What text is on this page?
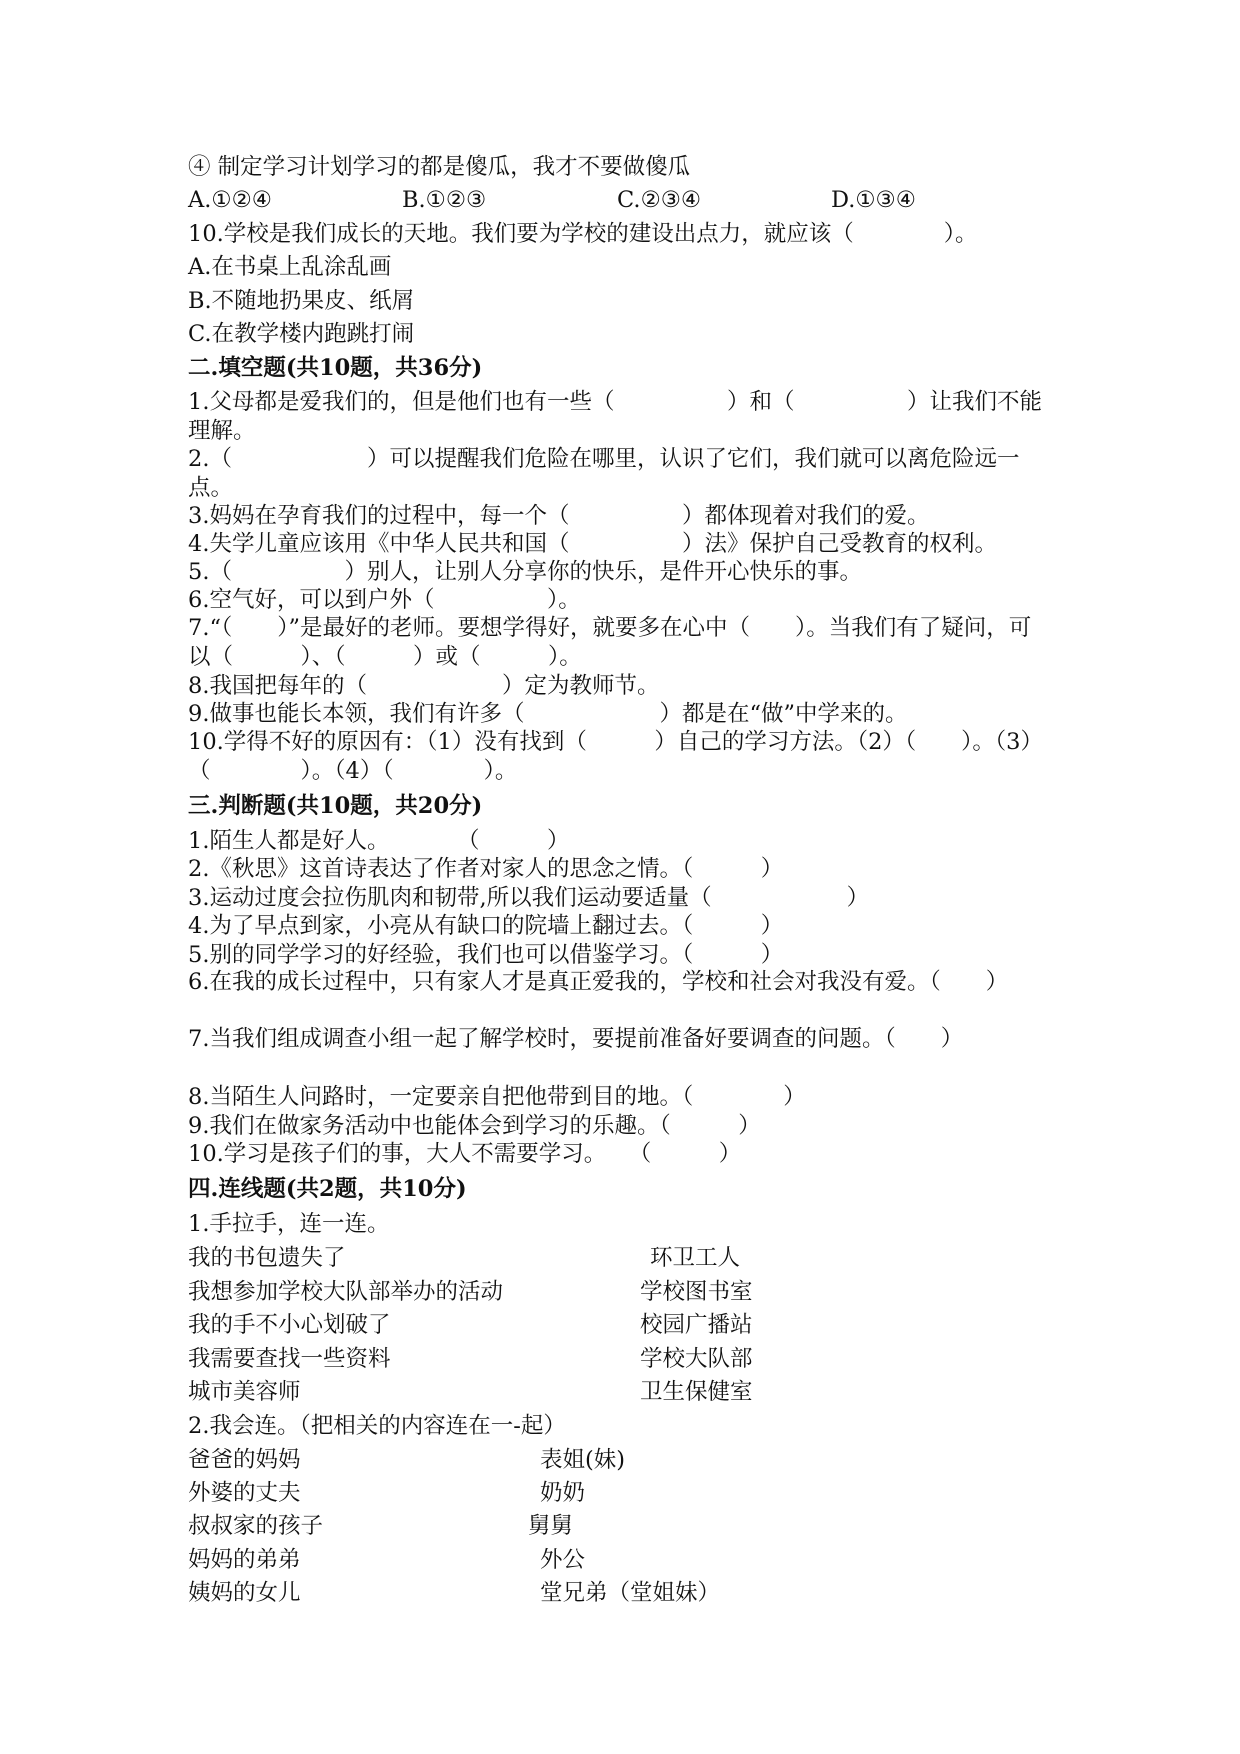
④ 制定学习计划学习的都是傻瓜，我才不要做傻瓜
A.①②④	B.①②③	C.②③④	D.①③④
10.学校是我们成长的天地。我们要为学校的建设出点力，就应该（　　　　）。
A.在书桌上乱涂乱画
B.不随地扔果皮、纸屑
C.在教学楼内跑跳打闹
二.填空题(共10题，共36分)
1.父母都是爱我们的，但是他们也有一些（　　　　　）和（　　　　　）让我们不能理解。
2.（　　　　　　）可以提醒我们危险在哪里，认识了它们，我们就可以离危险远一点。
3.妈妈在孕育我们的过程中，每一个（　　　　　）都体现着对我们的爱。
4.失学儿童应该用《中华人民共和国（　　　　　）法》保护自己受教育的权利。
5.（　　　　　）别人，让别人分享你的快乐，是件开心快乐的事。
6.空气好，可以到户外（　　　　　）。
7.“（　　）”是最好的老师。要想学得好，就要多在心中（　　）。当我们有了疑问，可以（　　　）、（　　　）或（　　　）。
8.我国把每年的（　　　　　　）定为教师节。
9.做事也能长本领，我们有许多（　　　　　　）都是在“做”中学来的。
10.学得不好的原因有：（1）没有找到（　　　）自己的学习方法。（2）（　　）。（3）（　　　　）。（4）（　　　　）。
三.判断题(共10题，共20分)
1.陌生人都是好人。　　　　（　　　）
2.《秋思》这首诗表达了作者对家人的思念之情。（　　　）
3.运动过度会拉伤肌肉和韧带,所以我们运动要适量（　　　　　　）
4.为了早点到家，小亮从有缺口的院墙上翻过去。（　　　）
5.别的同学学习的好经验，我们也可以借鉴学习。（　　　）
6.在我的成长过程中，只有家人才是真正爱我的，学校和社会对我没有爱。（　　）
7.当我们组成调查小组一起了解学校时，要提前准备好要调查的问题。（　　）
8.当陌生人问路时，一定要亲自把他带到目的地。（　　　　）
9.我们在做家务活动中也能体会到学习的乐趣。（　　　）
10.学习是孩子们的事，大人不需要学习。　　（　　　）
四.连线题(共2题，共10分)
1.手拉手，连一连。
我的书包遗失了	环卫工人
我想参加学校大队部举办的活动	学校图书室
我的手不小心划破了	校园广播站
我需要查找一些资料	学校大队部
城市美容师	卫生保健室
2.我会连。（把相关的内容连在一-起）
爸爸的妈妈	表姐(妹)
外婆的丈夫	奶奶
叔叔家的孩子	舅舅
妈妈的弟弟	外公
姨妈的女儿	堂兄弟（堂姐妹）
